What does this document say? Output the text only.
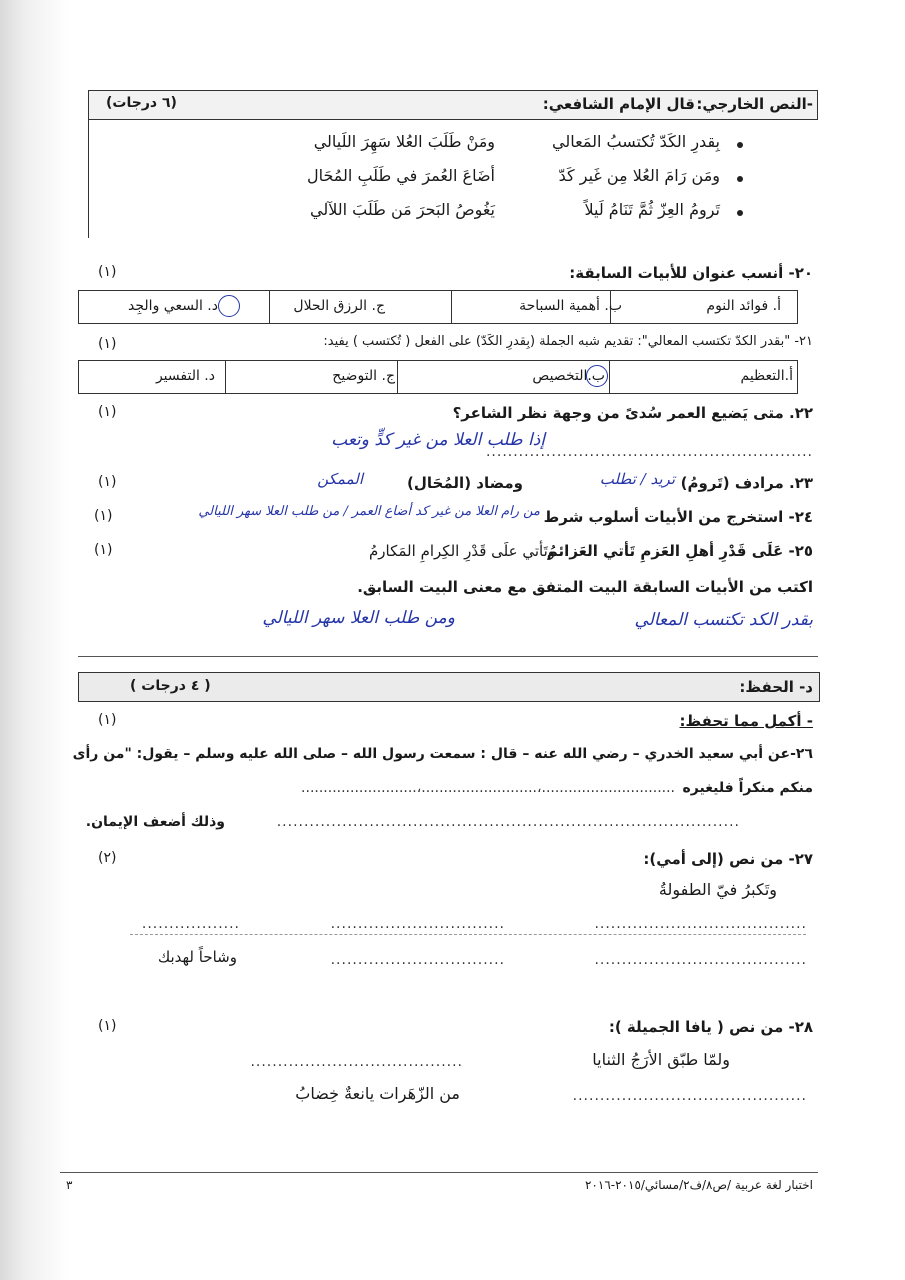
-النص الخارجي:
قال الإمام الشافعي:
(٦ درجات)
بِقدرِ الكَدّ تُكتسبُ المَعالي
ومَنْ طَلَبَ العُلا سَهِرَ اللَيالي
ومَن رَامَ العُلا مِن غَير كَدّ
أضَاعَ العُمرَ في طَلَبِ المُحَال
تَرومُ العِزّ ثُمَّ تَنَامُ لَيلاً
يَغُوصُ البَحرَ مَن طَلَبَ اللآلي
٢٠- أنسب عنوان للأبيات السابقة:
(١)
أ. فوائد النوم
ب. أهمية السباحة
ج. الرزق الحلال
د. السعي والجِد
٢١- "بقدر الكدّ تكتسب المعالي": تقديم شبه الجملة (بِقدرِ الكَدّ) على الفعل ( تُكتسب ) يفيد:
(١)
أ.التعظيم
ب.التخصيص
ج. التوضيح
د. التفسير
٢٢. متى يَضيع العمر سُدىً من وجهة نظر الشاعر؟
(١)
............................................................
إذا طلب العلا من غير كدٍّ وتعب
٢٣. مرادف (تَرومُ)
تريد / تطلب
ومضاد (المُحَال)
الممكن
(١)
٢٤- استخرج من الأبيات أسلوب شرط
من رام العلا من غير كد أضاع العمر / من طلب العلا سهر الليالي
(١)
٢٥- عَلَى قَدْرِ أهلِ العَزمِ تَأتي العَزائمُ
وتَأتي علَى قَدْرِ الكِرامِ المَكارمُ
(١)
اكتب من الأبيات السابقة البيت المتفق مع معنى البيت السابق.
بقدر الكد تكتسب المعالي
ومن طلب العلا سهر الليالي
د- الحفظ:
( ٤ درجات )
- أكمل مما تحفظ:
(١)
٢٦-عن أبي سعيد الخدري – رضي الله عنه – قال : سمعت رسول الله – صلى الله عليه وسلم – يقول: "من رأى
منكم منكراً فليغيره
..............................،..........................،..........................
.....................................................................................
وذلك أضعف الإيمان.
٢٧- من نص (إلى أمي):
(٢)
وتَكبرُ فيّ الطفولةُ
.......................................
................................
..................
.......................................
................................
وشاحاً لهدبك
٢٨- من نص ( يافا الجميلة ):
(١)
ولمّا طبّق الأرَجُ الثنايا
.......................................
...........................................
من الزّهَرات يانعةٌ خِضابُ
اختبار لغة عربية /ص٨/ف٢/مسائي/٢٠١٥-٢٠١٦
٣
